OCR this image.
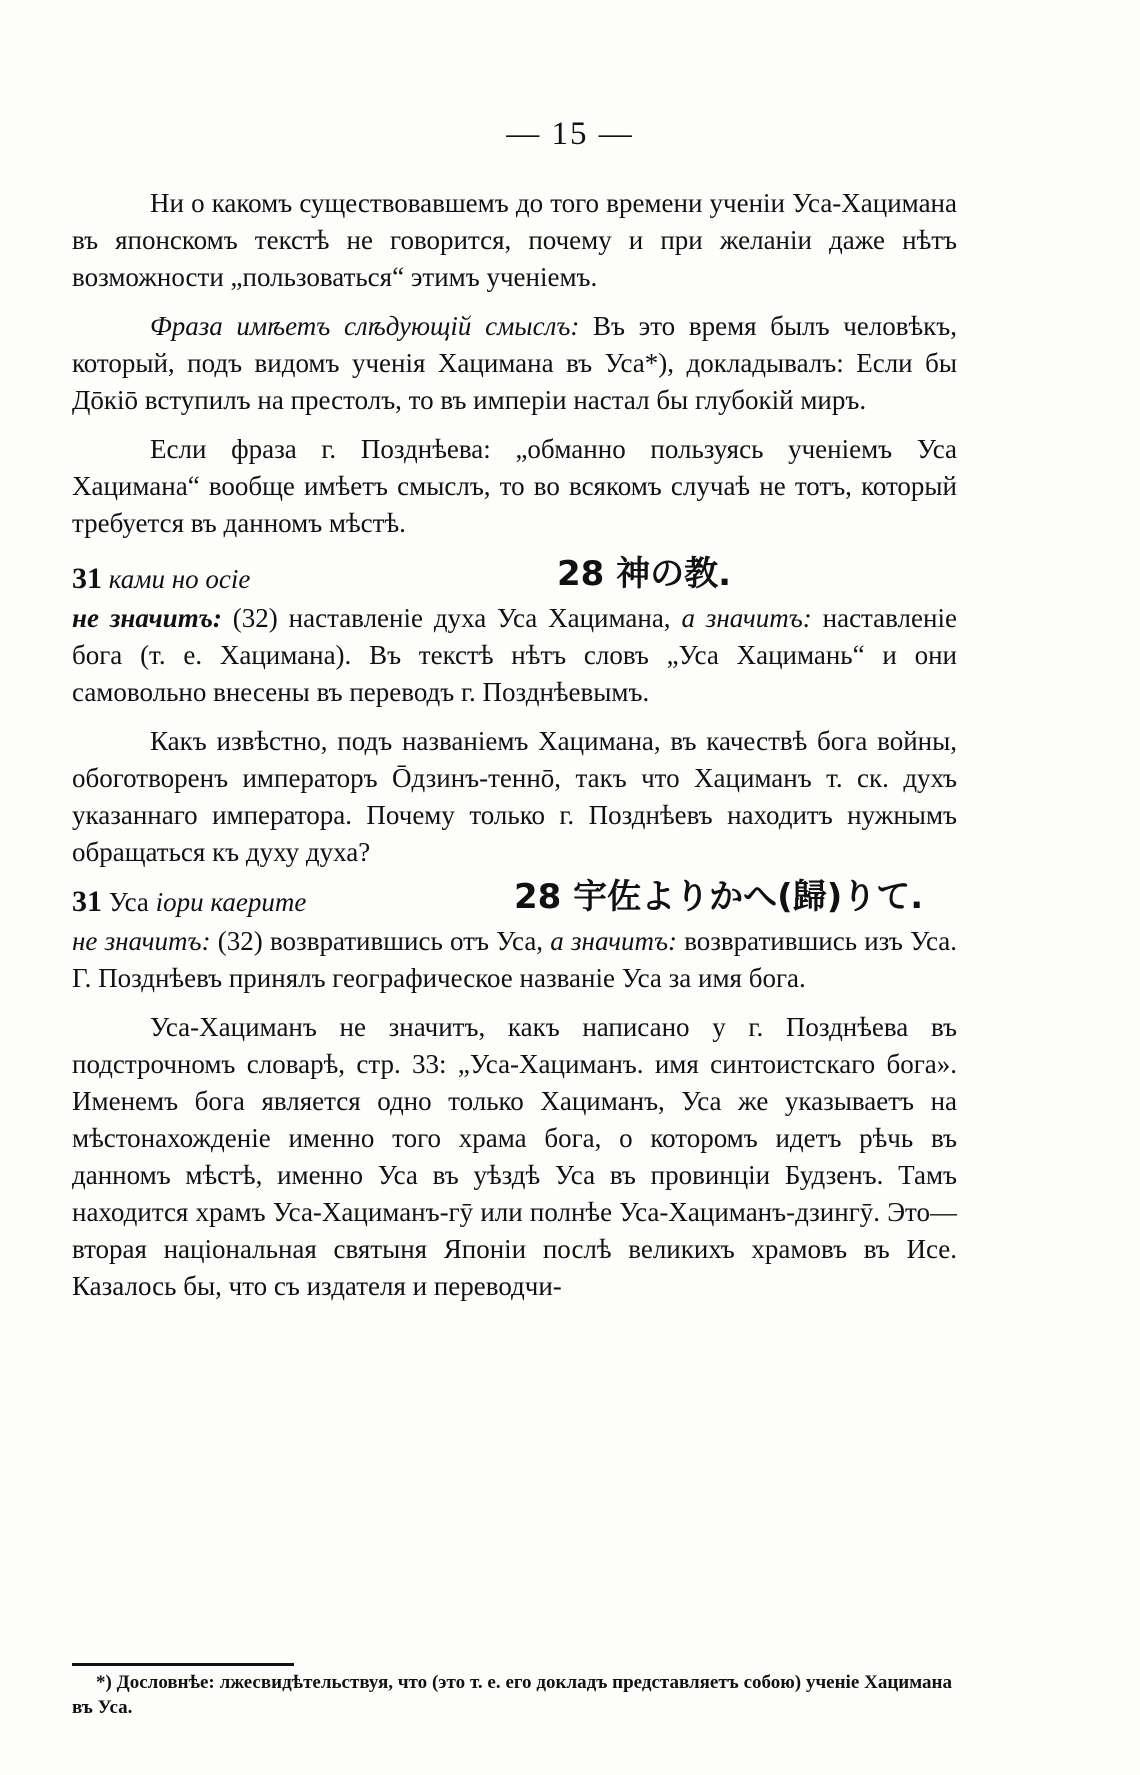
— 15 —

Ни о какомъ существовавшемъ до того времени ученіи Уса-Хацимана въ японскомъ текстѣ не говорится, почему и при желаніи даже нѣтъ возможности „пользоваться“ этимъ ученіемъ.

Фраза имѣетъ слѣдующій смыслъ: Въ это время былъ человѣкъ, который, подъ видомъ ученія Хацимана въ Уса*), докладывалъ: Если бы Дōкіō вступилъ на престолъ, то въ имперіи настал бы глубокій миръ.

Если фраза г. Позднѣева: „обманно пользуясь ученіемъ Уса Хацимана“ вообще имѣетъ смыслъ, то во всякомъ случаѣ не тотъ, который требуется въ данномъ мѣстѣ.

31 ками но осіе	28 神の教.

не значитъ: (32) наставленіе духа Уса Хацимана, а значитъ: наставленіе бога (т. е. Хацимана). Въ текстѣ нѣтъ словъ „Уса Хацимань“ и они самовольно внесены въ переводъ г. Позднѣевымъ.

Какъ извѣстно, подъ названіемъ Хацимана, въ качествѣ бога войны, обоготворенъ императоръ Ōдзинъ-теннō, такъ что Хациманъ т. ск. духъ указаннаго императора. Почему только г. Позднѣевъ находитъ нужнымъ обращаться къ духу духа?

31 Уса іори каерите	28 宇佐よりかへ(歸)りて.

не значитъ: (32) возвратившись отъ Уса, а значитъ: возвратившись изъ Уса. Г. Позднѣевъ принялъ географическое названіе Уса за имя бога.

Уса-Хациманъ не значитъ, какъ написано у г. Позднѣева въ подстрочномъ словарѣ, стр. 33: „Уса-Хациманъ. имя синтоистскаго бога». Именемъ бога является одно только Хациманъ, Уса же указываетъ на мѣстонахожденіе именно того храма бога, о которомъ идетъ рѣчь въ данномъ мѣстѣ, именно Уса въ уѣздѣ Уса въ провинціи Будзенъ. Тамъ находится храмъ Уса-Хациманъ-гӯ или полнѣе Уса-Хациманъ-дзингӯ. Это—вторая національная святыня Японіи послѣ великихъ храмовъ въ Исе. Казалось бы, что съ издателя и переводчи-

*) Дословнѣе: лжесвидѣтельствуя, что (это т. е. его докладъ представляетъ собою) ученіе Хацимана въ Уса.
